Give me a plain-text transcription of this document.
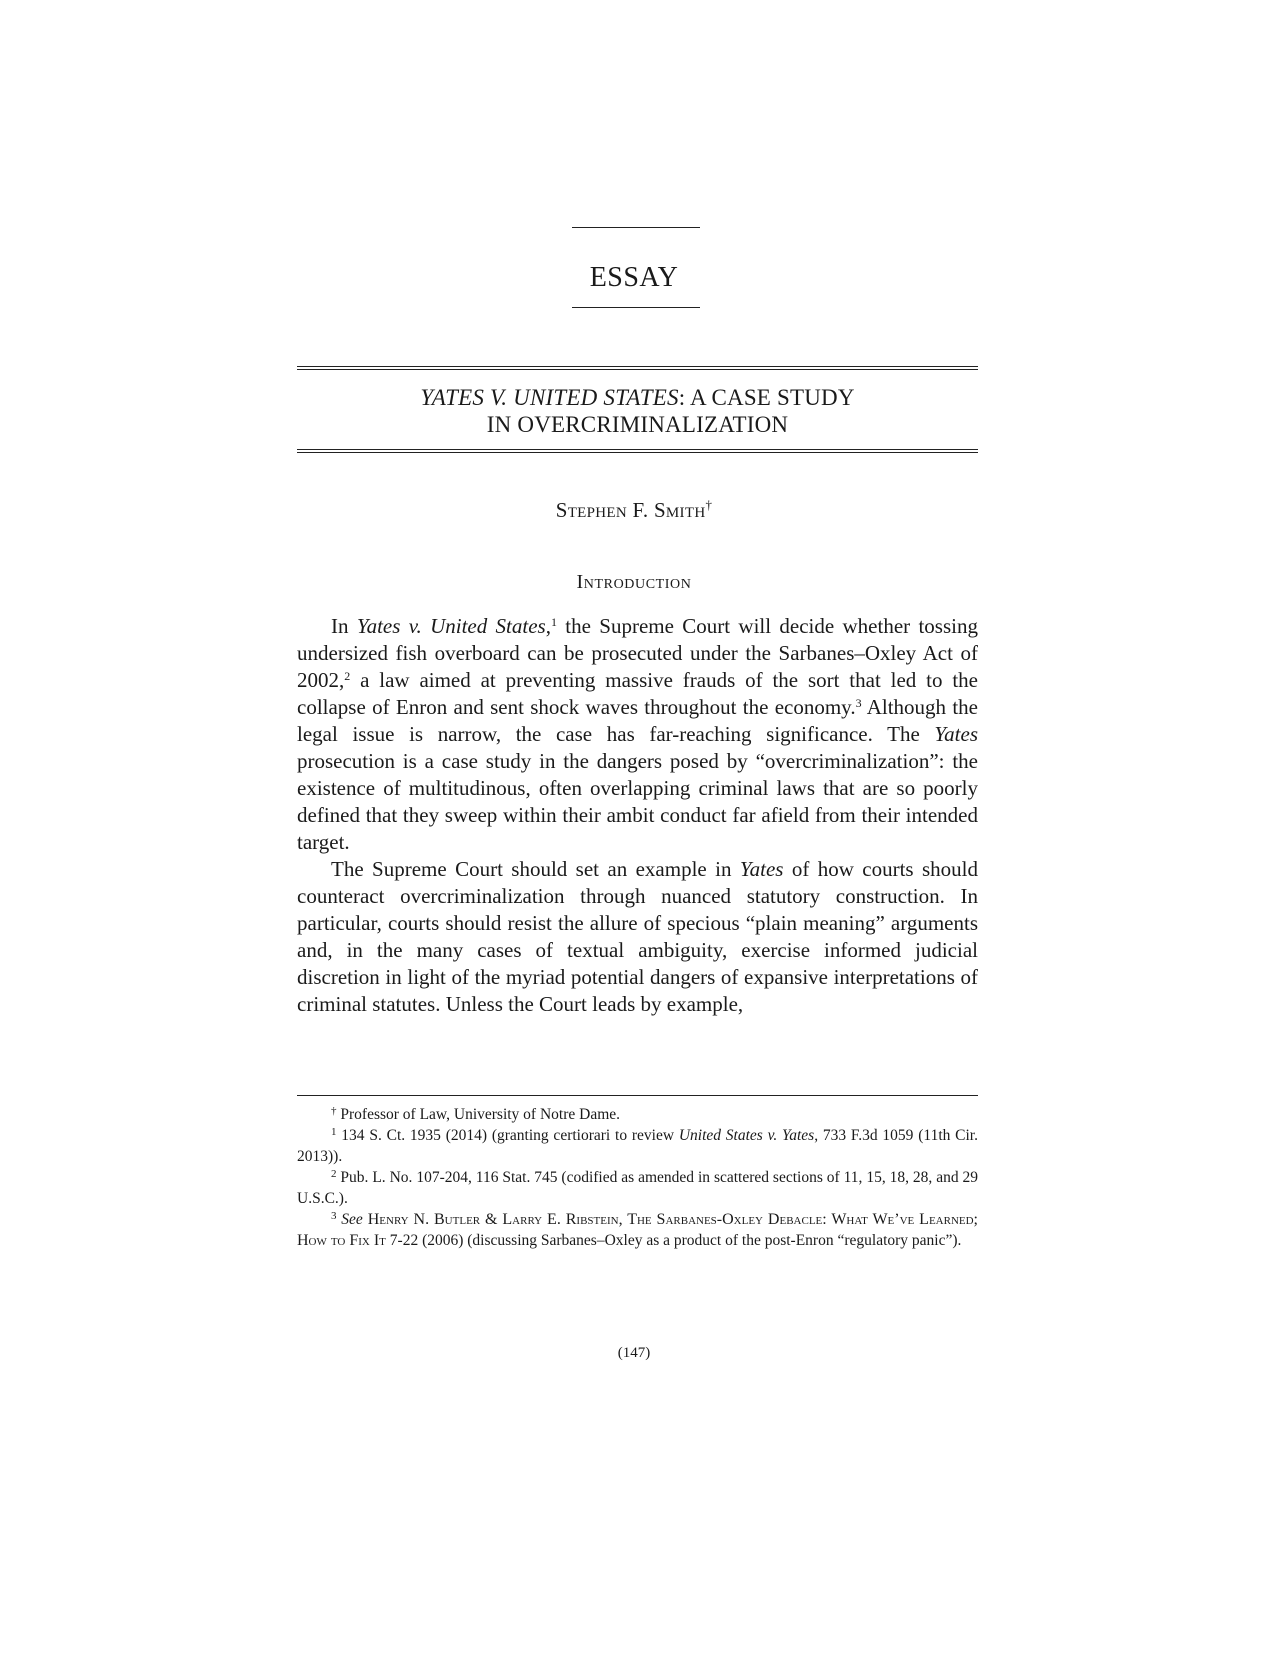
ESSAY
YATES V. UNITED STATES: A CASE STUDY
IN OVERCRIMINALIZATION
Stephen F. Smith†
Introduction

In Yates v. United States,$^1$ the Supreme Court will decide whether tossing undersized fish overboard can be prosecuted under the Sarbanes–Oxley Act of 2002,$^2$ a law aimed at preventing massive frauds of the sort that led to the collapse of Enron and sent shock waves throughout the economy.$^3$ Although the legal issue is narrow, the case has far-reaching significance. The Yates prosecution is a case study in the dangers posed by “overcriminalization”: the existence of multitudinous, often overlapping criminal laws that are so poorly defined that they sweep within their ambit conduct far afield from their intended target.

The Supreme Court should set an example in Yates of how courts should counteract overcriminalization through nuanced statutory construction. In particular, courts should resist the allure of specious “plain meaning” arguments and, in the many cases of textual ambiguity, exercise informed judicial discretion in light of the myriad potential dangers of expansive interpretations of criminal statutes. Unless the Court leads by example,

† Professor of Law, University of Notre Dame.

$^1$ 134 S. Ct. 1935 (2014) (granting certiorari to review United States v. Yates, 733 F.3d 1059 (11th Cir. 2013)).

$^2$ Pub. L. No. 107-204, 116 Stat. 745 (codified as amended in scattered sections of 11, 15, 18, 28, and 29 U.S.C.).

$^3$ See Henry N. Butler & Larry E. Ribstein, The Sarbanes-Oxley Debacle: What We’ve Learned; How to Fix It 7-22 (2006) (discussing Sarbanes–Oxley as a product of the post-Enron “regulatory panic”).

(147)
